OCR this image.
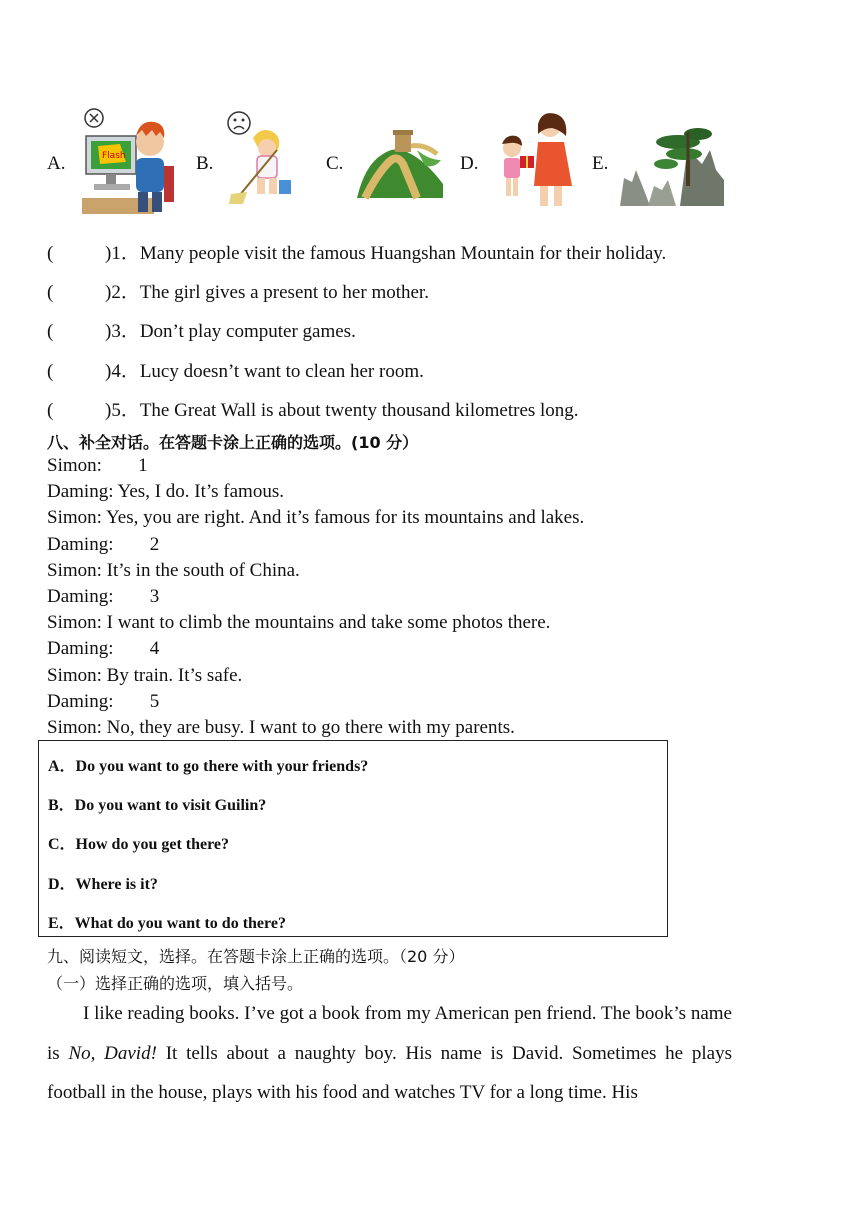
A.	Flash	B.	C.	D.	E.
(	)1．Many people visit the famous Huangshan Mountain for their holiday.
(	)2．The girl gives a present to her mother.
(	)3．Don’t play computer games.
(	)4．Lucy doesn’t want to clean her room.
(	)5．The Great Wall is about twenty thousand kilometres long.
八、补全对话。在答题卡涂上正确的选项。(10 分）
Simon: 1
Daming: Yes, I do. It’s famous.
Simon: Yes, you are right. And it’s famous for its mountains and lakes.
Daming: 2
Simon: It’s in the south of China.
Daming: 3
Simon: I want to climb the mountains and take some photos there.
Daming: 4
Simon: By train. It’s safe.
Daming: 5
Simon: No, they are busy. I want to go there with my parents.
A．Do you want to go there with your friends?
B．Do you want to visit Guilin?
C．How do you get there?
D．Where is it?
E．What do you want to do there?
九、阅读短文，选择。在答题卡涂上正确的选项。（20 分）
（一）选择正确的选项，填入括号。

I like reading books. I’ve got a book from my American pen friend. The book’s name is No, David! It tells about a naughty boy. His name is David. Sometimes he plays football in the house, plays with his food and watches TV for a long time. His
